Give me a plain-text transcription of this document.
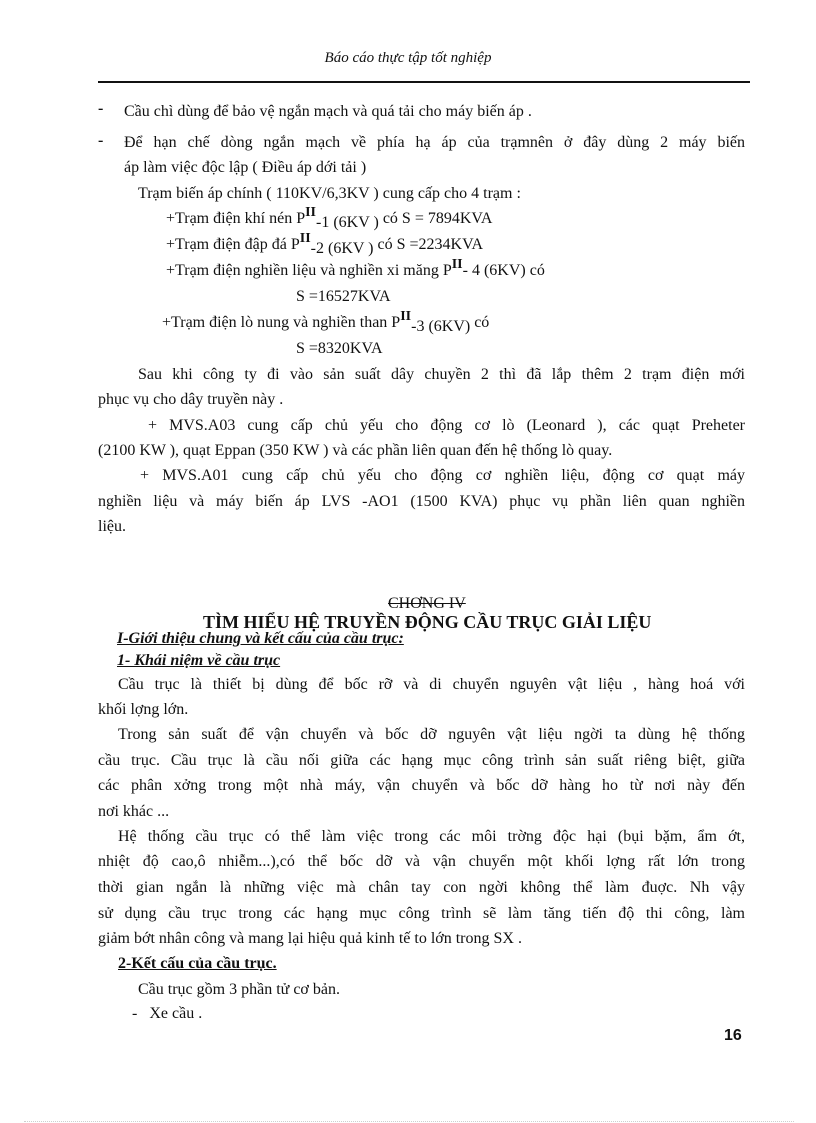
Báo cáo thực tập tốt nghiệp
- Cầu chì dùng để bảo vệ ngắn mạch và quá tải cho máy biến áp .
- Để hạn chế dòng ngắn mạch về phía hạ áp của trạmnên ở đây dùng 2 máy biến
áp làm việc độc lập ( Điều áp dới tải )
Trạm biến áp chính ( 110KV/6,3KV ) cung cấp cho 4 trạm :
+Trạm điện khí nén PII-1 (6KV ) có S = 7894KVA
+Trạm điện đập đá PII-2 (6KV ) có S =2234KVA
+Trạm điện nghiền liệu và nghiền xi măng PII- 4 (6KV) có
S =16527KVA
+Trạm điện lò nung và nghiền than PII-3 (6KV) có
S =8320KVA
Sau khi công ty đi vào sản suất dây chuyền 2 thì đã lắp thêm 2 trạm điện mới
phục vụ cho dây truyền này .
+ MVS.A03 cung cấp chủ yếu cho động cơ lò (Leonard ), các quạt Preheter
(2100 KW ), quạt Eppan (350 KW ) và các phần liên quan đến hệ thống lò quay.
+ MVS.A01 cung cấp chủ yếu cho động cơ nghiền liệu, động cơ quạt máy
nghiền liệu và máy biến áp LVS -AO1 (1500 KVA) phục vụ phần liên quan nghiền
liệu.
CHƠNG IV
TÌM HIỂU HỆ TRUYỀN ĐỘNG CẦU TRỤC GIẢI LIỆU
I-Giới thiệu chung và kết cấu của cầu trục:
1- Khái niệm về cầu trục
Cầu trục là thiết bị dùng để bốc rỡ và di chuyển nguyên vật liệu , hàng hoá với
khối lợng lớn.
Trong sản suất để vận chuyển và bốc dỡ nguyên vật liệu ngời ta dùng hệ thống
cầu trục. Cầu trục là cầu nối giữa các hạng mục công trình sản suất riêng biệt, giữa
các phân xởng trong một nhà máy, vận chuyển và bốc dỡ hàng ho từ nơi này đến
nơi khác ...
Hệ thống cầu trục có thể làm việc trong các môi trờng độc hại (bụi bặm, ẩm ớt,
nhiệt độ cao,ô nhiễm...),có thể bốc dỡ và vận chuyển một khối lợng rất lớn trong
thời gian ngắn là những việc mà chân tay con ngời không thể làm đuợc. Nh vậy
sử dụng cầu trục trong các hạng mục công trình sẽ làm tăng tiến độ thi công, làm
giảm bớt nhân công và mang lại hiệu quả kinh tế to lớn trong SX .
2-Kết cấu của cầu trục.
Cầu trục gồm 3 phần tử cơ bản.
-   Xe cầu .
16
